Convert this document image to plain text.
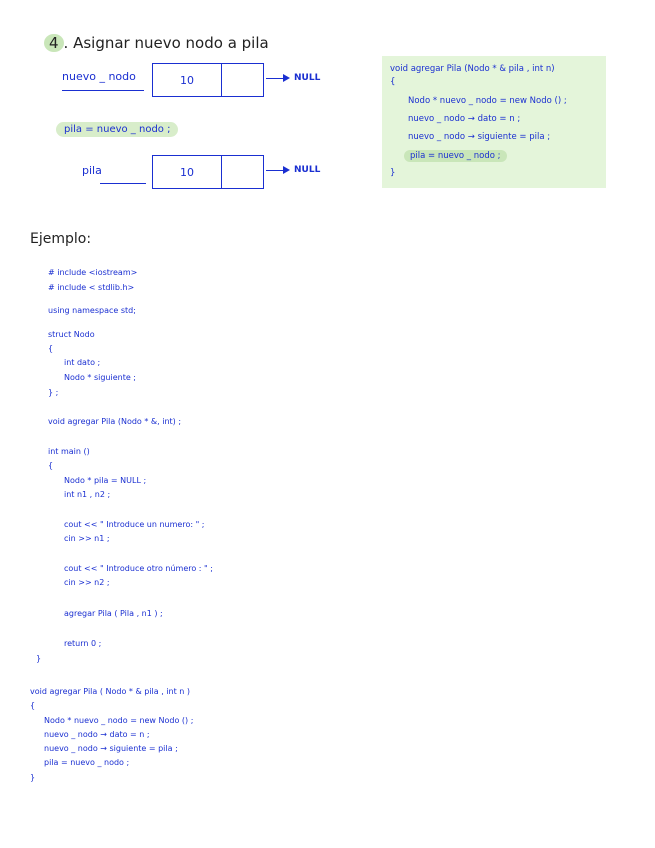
4 . Asignar nuevo nodo a pila
nuevo _ nodo	10	NULL
pila = nuevo _ nodo ;
pila	10	NULL
void agregar Pila (Nodo * & pila , int n)
{
Nodo * nuevo _ nodo = new Nodo () ;
nuevo _ nodo → dato = n ;
nuevo _ nodo → siguiente = pila ;
pila = nuevo _ nodo ;
}
Ejemplo:
# include <iostream>
# include < stdlib.h>
using namespace std;
struct Nodo
{
int dato ;
Nodo * siguiente ;
} ;
void agregar Pila (Nodo * &, int) ;
int main ()
{
Nodo * pila = NULL ;
int n1 , n2 ;
cout << " Introduce un numero: " ;
cin >> n1 ;
cout << " Introduce otro número : " ;
cin >> n2 ;
agregar Pila ( Pila , n1 ) ;
return 0 ;
}
void agregar Pila ( Nodo * & pila , int n )
{
Nodo * nuevo _ nodo = new Nodo () ;
nuevo _ nodo → dato = n ;
nuevo _ nodo → siguiente = pila ;
pila = nuevo _ nodo ;
}
